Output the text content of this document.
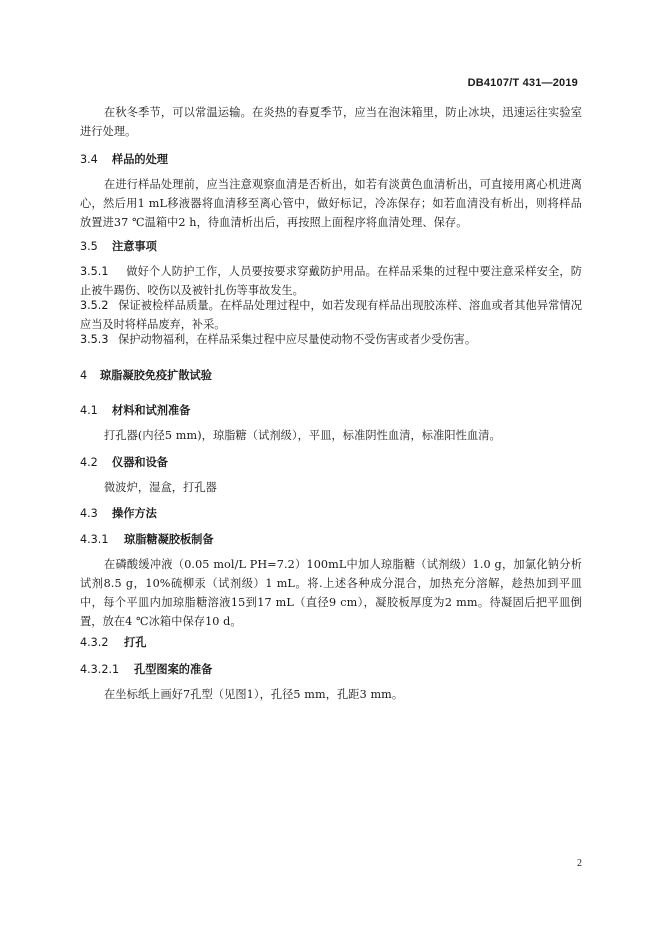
DB4107/T 431—2019

在秋冬季节，可以常温运输。在炎热的春夏季节，应当在泡沫箱里，防止冰块，迅速运往实验室进行处理。

3.4 样品的处理

在进行样品处理前，应当注意观察血清是否析出，如若有淡黄色血清析出，可直接用离心机进离心，然后用1 mL移液器将血清移至离心管中，做好标记，冷冻保存；如若血清没有析出，则将样品放置进37 ℃温箱中2 h，待血清析出后，再按照上面程序将血清处理、保存。

3.5 注意事项

3.5.1 做好个人防护工作，人员要按要求穿戴防护用品。在样品采集的过程中要注意采样安全，防止被牛踢伤、咬伤以及被针扎伤等事故发生。

3.5.2 保证被检样品质量。在样品处理过程中，如若发现有样品出现胶冻样、溶血或者其他异常情况应当及时将样品废弃，补采。

3.5.3 保护动物福利，在样品采集过程中应尽量使动物不受伤害或者少受伤害。

4 琼脂凝胶免疫扩散试验

4.1 材料和试剂准备

打孔器(内径5 mm)，琼脂糖（试剂级），平皿，标准阴性血清，标准阳性血清。

4.2 仪器和设备

微波炉，湿盒，打孔器

4.3 操作方法

4.3.1 琼脂糖凝胶板制备

在磷酸缓冲液（0.05 mol/L PH=7.2）100mL中加人琼脂糖（试剂级）1.0 g，加氯化钠分析试剂8.5 g，10%硫柳汞（试剂级）1 mL。将.上述各种成分混合，加热充分溶解，趁热加到平皿中，每个平皿内加琼脂糖溶液15到17 mL（直径9 cm），凝胶板厚度为2 mm。待凝固后把平皿倒置，放在4 ℃冰箱中保存10 d。

4.3.2 打孔

4.3.2.1 孔型图案的准备

在坐标纸上画好7孔型（见图1），孔径5 mm，孔距3 mm。

2
